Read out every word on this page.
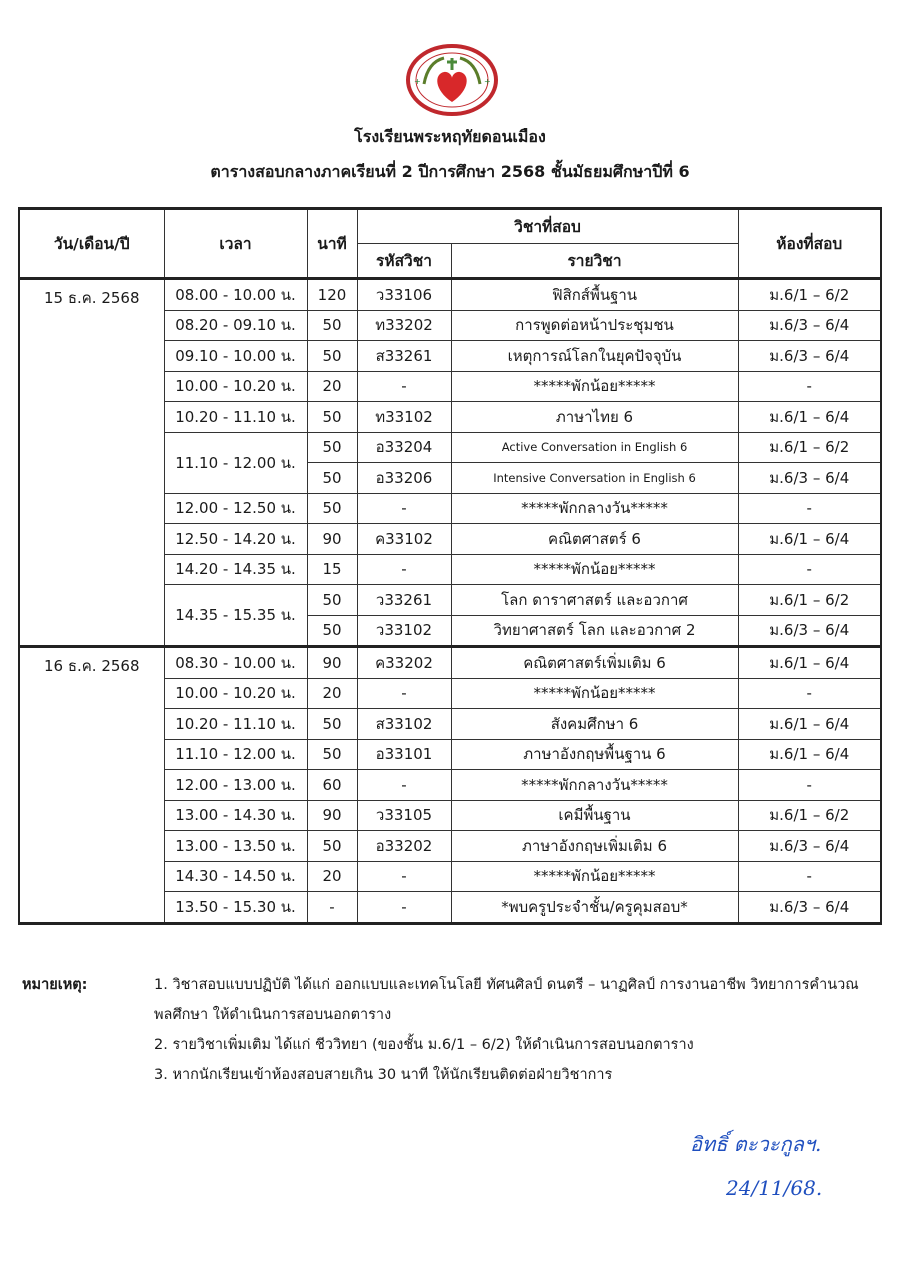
+	+
โรงเรียนพระหฤทัยดอนเมือง
ตารางสอบกลางภาคเรียนที่ 2 ปีการศึกษา 2568 ชั้นมัธยมศึกษาปีที่ 6
วัน/เดือน/ปี	เวลา	นาที	วิชาที่สอบ		ห้องที่สอบ
			รหัสวิชา	รายวิชา	
15 ธ.ค. 2568	08.00 - 10.00 น.	120	ว33106	ฟิสิกส์พื้นฐาน	ม.6/1 – 6/2
	08.20 - 09.10 น.	50	ท33202	การพูดต่อหน้าประชุมชน	ม.6/3 – 6/4
	09.10 - 10.00 น.	50	ส33261	เหตุการณ์โลกในยุคปัจจุบัน	ม.6/3 – 6/4
	10.00 - 10.20 น.	20	-	*****พักน้อย*****	-
	10.20 - 11.10 น.	50	ท33102	ภาษาไทย 6	ม.6/1 – 6/4
	11.10 - 12.00 น.	50	อ33204	Active Conversation in English 6	ม.6/1 – 6/2
		50	อ33206	Intensive Conversation in English 6	ม.6/3 – 6/4
	12.00 - 12.50 น.	50	-	*****พักกลางวัน*****	-
	12.50 - 14.20 น.	90	ค33102	คณิตศาสตร์ 6	ม.6/1 – 6/4
	14.20 - 14.35 น.	15	-	*****พักน้อย*****	-
	14.35 - 15.35 น.	50	ว33261	โลก ดาราศาสตร์ และอวกาศ	ม.6/1 – 6/2
		50	ว33102	วิทยาศาสตร์ โลก และอวกาศ 2	ม.6/3 – 6/4
16 ธ.ค. 2568	08.30 - 10.00 น.	90	ค33202	คณิตศาสตร์เพิ่มเติม 6	ม.6/1 – 6/4
	10.00 - 10.20 น.	20	-	*****พักน้อย*****	-
	10.20 - 11.10 น.	50	ส33102	สังคมศึกษา 6	ม.6/1 – 6/4
	11.10 - 12.00 น.	50	อ33101	ภาษาอังกฤษพื้นฐาน 6	ม.6/1 – 6/4
	12.00 - 13.00 น.	60	-	*****พักกลางวัน*****	-
	13.00 - 14.30 น.	90	ว33105	เคมีพื้นฐาน	ม.6/1 – 6/2
	13.00 - 13.50 น.	50	อ33202	ภาษาอังกฤษเพิ่มเติม 6	ม.6/3 – 6/4
	14.30 - 14.50 น.	20	-	*****พักน้อย*****	-
	13.50 - 15.30 น.	-	-	*พบครูประจำชั้น/ครูคุมสอบ*	ม.6/3 – 6/4
หมายเหตุ:	1. วิชาสอบแบบปฏิบัติ ได้แก่ ออกแบบและเทคโนโลยี ทัศนศิลป์ ดนตรี – นาฏศิลป์ การงานอาชีพ วิทยาการคำนวณ พลศึกษา ให้ดำเนินการสอบนอกตาราง
2. รายวิชาเพิ่มเติม ได้แก่ ชีววิทยา (ของชั้น ม.6/1 – 6/2) ให้ดำเนินการสอบนอกตาราง
3. หากนักเรียนเข้าห้องสอบสายเกิน 30 นาที ให้นักเรียนติดต่อฝ่ายวิชาการ
อิทธิ์ ตะวะกูลฯ.
24/11/68.
